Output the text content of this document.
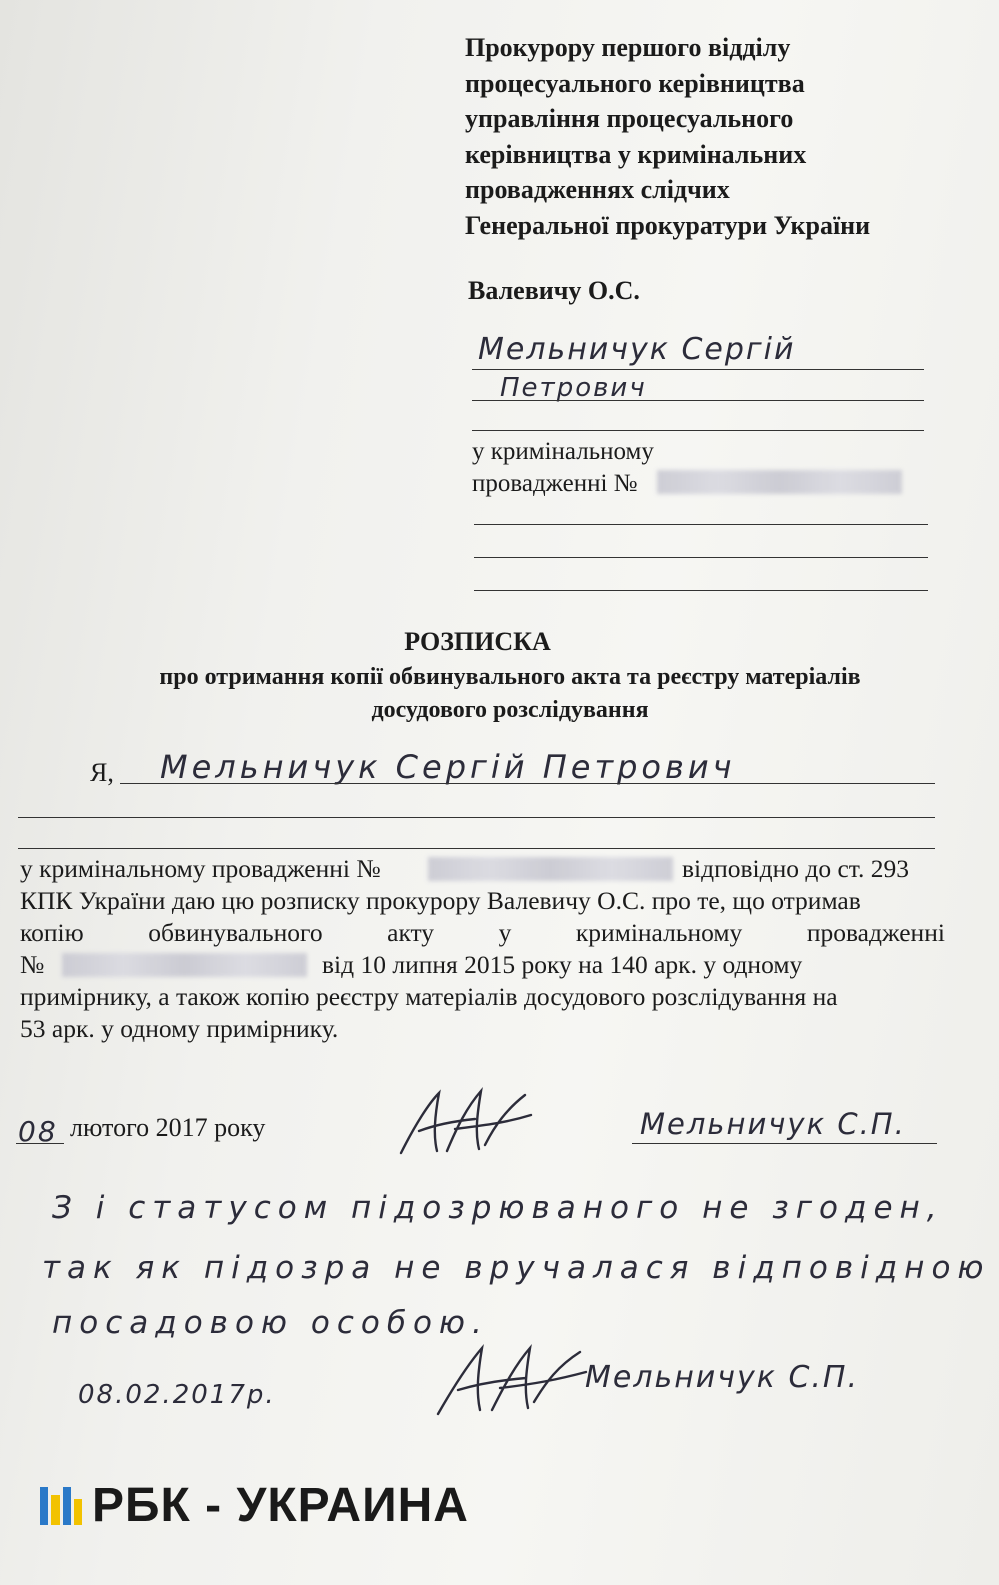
Прокурору першого відділу
процесуального керівництва
управління процесуального
керівництва у кримінальних
провадженнях слідчих
Генеральної прокуратури України
Валевичу О.С.
Мельничук Сергій
Петрович
у кримінальному
провадженні №
РОЗПИСКА
про отримання копії обвинувального акта та реєстру матеріалів
досудового розслідування
Я, Мельничук Сергій Петрович
у кримінальному провадженні №	відповідно до ст. 293
КПК України даю цю розписку прокурору Валевичу О.С. про те, що отримав
копію	обвинувального	акту	у	кримінальному	провадженні
№	від 10 липня 2015 року на 140 арк. у одному
примірнику, а також копію реєстру матеріалів досудового розслідування на
53 арк. у одному примірнику.
08 лютого 2017 року	Мельничук С.П.
З і статусом підозрюваного не згоден,
так як підозра не вручалася відповідною
посадовою особою.
08.02.2017р.	Мельничук С.П.
РБК - УКРАИНА
